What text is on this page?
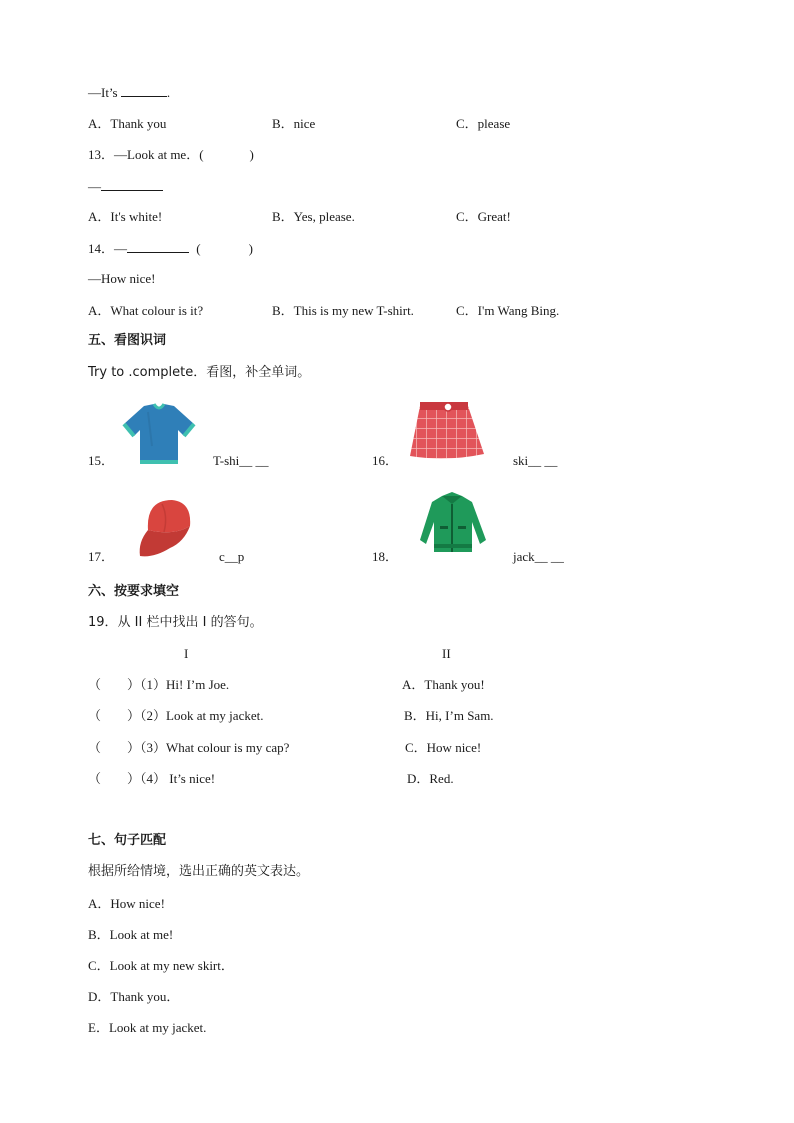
—It’s	.
A．Thank you	B．nice	C．please
13．—Look at me．(	)
—
A．It's white!	B．Yes, please.	C．Great!
14．—	(	)
—How nice!
A．What colour is it?	B．This is my new T-shirt.	C．I'm Wang Bing.
五、看图识词
Try to .complete．看图，补全单词。
15．	T-shi__ __	16．	ski__ __
17．	c__p	18．	jack__ __
六、按要求填空
19．从 II 栏中找出 I 的答句。
I	II
（　　）（1）Hi! I’m Joe.	A．Thank you!
（　　）（2）Look at my jacket.	B．Hi, I’m Sam.
（　　）（3）What colour is my cap?	C．How nice!
（　　）（4） It’s nice!	D．Red.
七、句子匹配
根据所给情境，选出正确的英文表达。
A．How nice!
B．Look at me!
C．Look at my new skirt．
D．Thank you．
E．Look at my jacket.
